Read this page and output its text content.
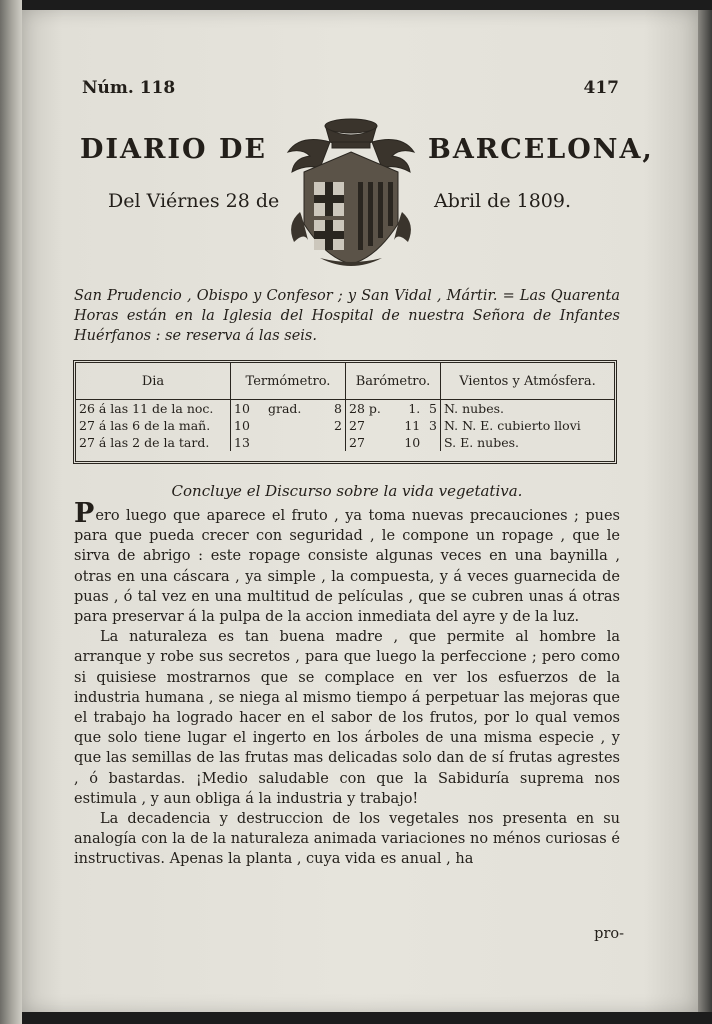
Núm. 118	417
DIARIO DE	BARCELONA,
Del Viérnes 28 de	Abril de 1809.
San Prudencio , Obispo y Confesor ; y San Vidal , Mártir. = Las Quarenta Horas están en la Iglesia del Hospital de nuestra Señora de Infantes Huérfanos : se reserva á las seis.
Dia	Termómetro.			Barómetro.			Vientos y Atmósfera.
26 á las 11 de la noc.	10	grad.	8	28 p.	1.	5	N. nubes.
27 á las 6 de la mañ.	10		2	27	11	3	N. N. E. cubierto llovi
27 á las 2 de la tard.	13			27	10		S. E. nubes.
Concluye el Discurso sobre la vida vegetativa.

Pero luego que aparece el fruto , ya toma nuevas precauciones ; pues para que pueda crecer con seguridad , le compone un ropage , que le sirva de abrigo : este ropage consiste algunas veces en una baynilla , otras en una cáscara , ya simple , la compuesta, y á veces guarnecida de puas , ó tal vez en una multitud de películas , que se cubren unas á otras para preservar á la pulpa de la accion inmediata del ayre y de la luz.

La naturaleza es tan buena madre , que permite al hombre la arranque y robe sus secretos , para que luego la perfeccione ; pero como si quisiese mostrarnos que se complace en ver los esfuerzos de la industria humana , se niega al mismo tiempo á perpetuar las mejoras que el trabajo ha logrado hacer en el sabor de los frutos, por lo qual vemos que solo tiene lugar el ingerto en los árboles de una misma especie , y que las semillas de las frutas mas delicadas solo dan de sí frutas agrestes , ó bastardas. ¡Medio saludable con que la Sabiduría suprema nos estimula , y aun obliga á la industria y trabajo!

La decadencia y destruccion de los vegetales nos presenta en su analogía con la de la naturaleza animada variaciones no ménos curiosas é instructivas. Apenas la planta , cuya vida es anual , ha

pro-
